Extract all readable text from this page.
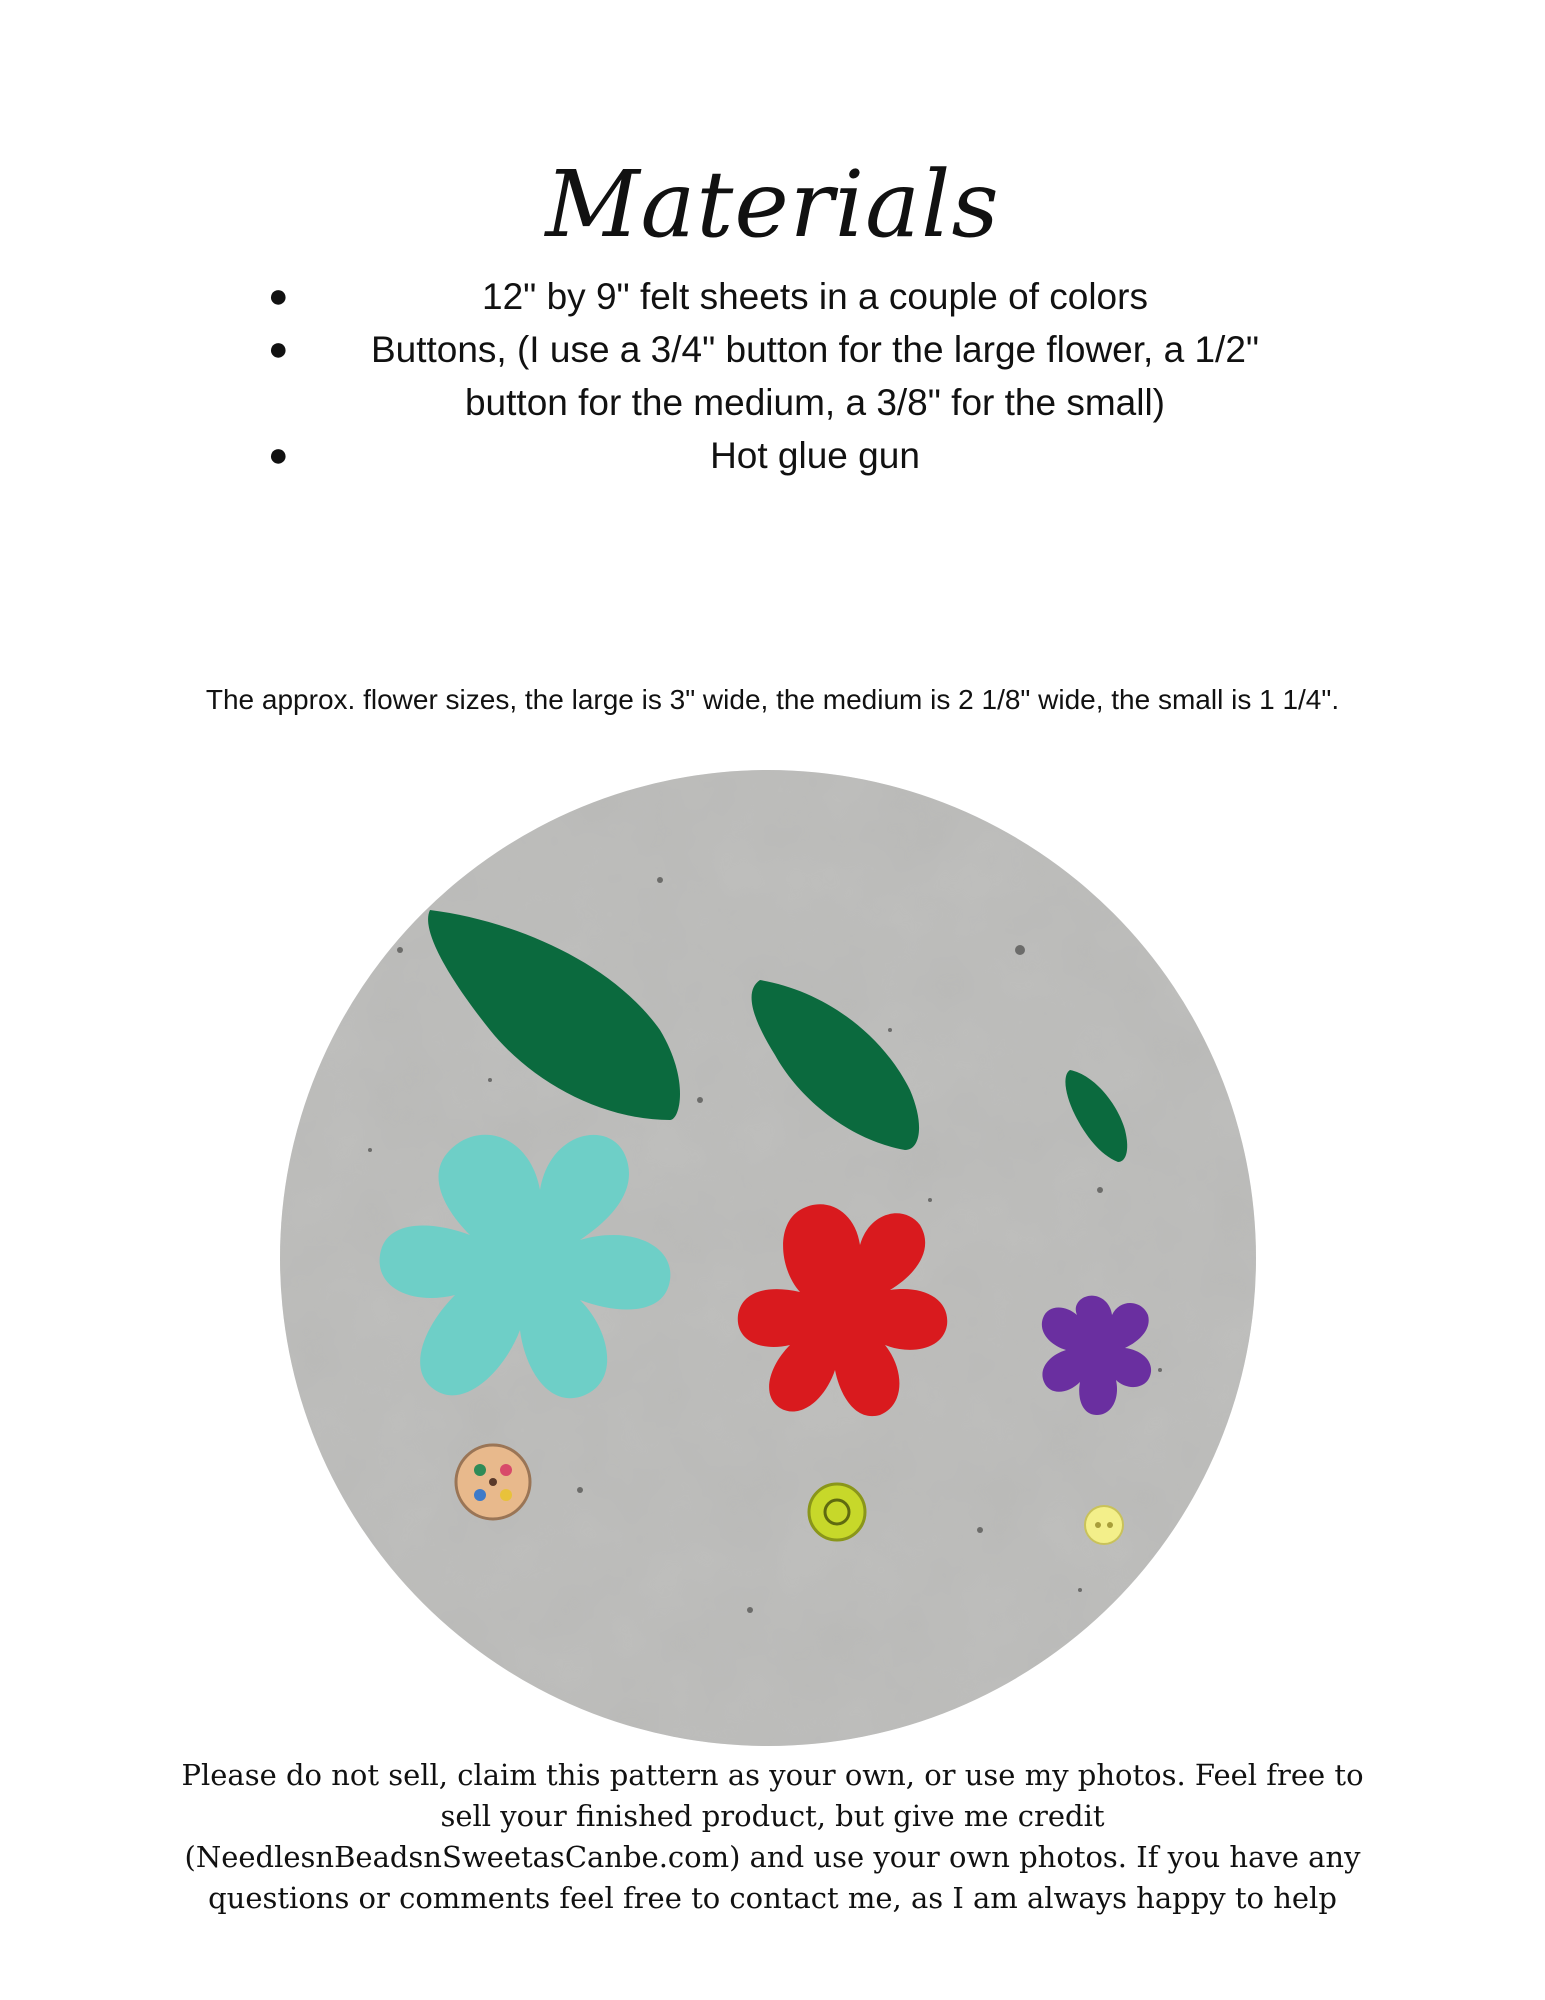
Materials
●	12" by 9" felt sheets in a couple of colors
● Buttons, (I use a 3/4" button for the large flower, a 1/2" button for the medium, a 3/8" for the small)
●	Hot glue gun
The approx. flower sizes, the large is 3" wide, the medium is 2 1/8" wide, the small is 1 1/4".
Please do not sell, claim this pattern as your own, or use my photos. Feel free to sell your finished product, but give me credit (NeedlesnBeadsnSweetasCanbe.com) and use your own photos. If you have any questions or comments feel free to contact me, as I am always happy to help
